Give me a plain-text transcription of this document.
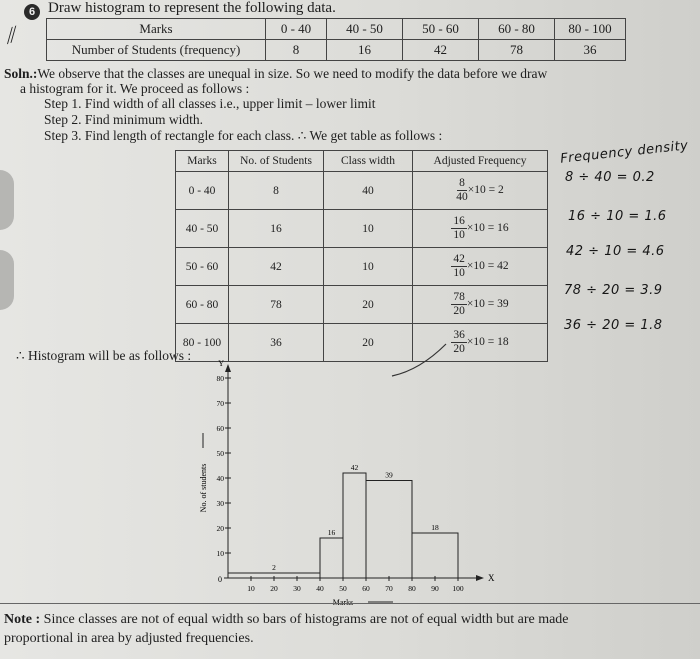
6 Draw histogram to represent the following data.
⁄⁄	Marks	0 - 40	40 - 50	50 - 60	60 - 80	80 - 100
Number of Students (frequency)	8	16	42	78	36
Soln.:We observe that the classes are unequal in size. So we need to modify the data before we draw
a histogram for it. We proceed as follows :
Step 1. Find width of all classes i.e., upper limit – lower limit
Step 2. Find minimum width.
Step 3. Find length of rectangle for each class. ∴ We get table as follows :
Marks	No. of Students	Class width	Adjusted Frequency
0 - 40	8	40	$\frac{8}{40} \times 10 = 2$
40 - 50	16	10	$\frac{16}{10} \times 10 = 16$
50 - 60	42	10	$\frac{42}{10} \times 10 = 42$
60 - 80	78	20	$\frac{78}{20} \times 10 = 39$
80 - 100	36	20	$\frac{36}{20} \times 10 = 18$
Frequency density
8 ÷ 40 = 0.2
16 ÷ 10 = 1.6
42 ÷ 10 = 4.6
78 ÷ 20 = 3.9
36 ÷ 20 = 1.8
∴ Histogram will be as follows :
Y
X
0
10
20
30
40
50
60
70
80
10 20 30 40 50 60 70 80 90 100
2
16
42
39
18
Marks
No. of students
Note : Since classes are not of equal width so bars of histograms are not of equal width but are made
proportional in area by adjusted frequencies.
